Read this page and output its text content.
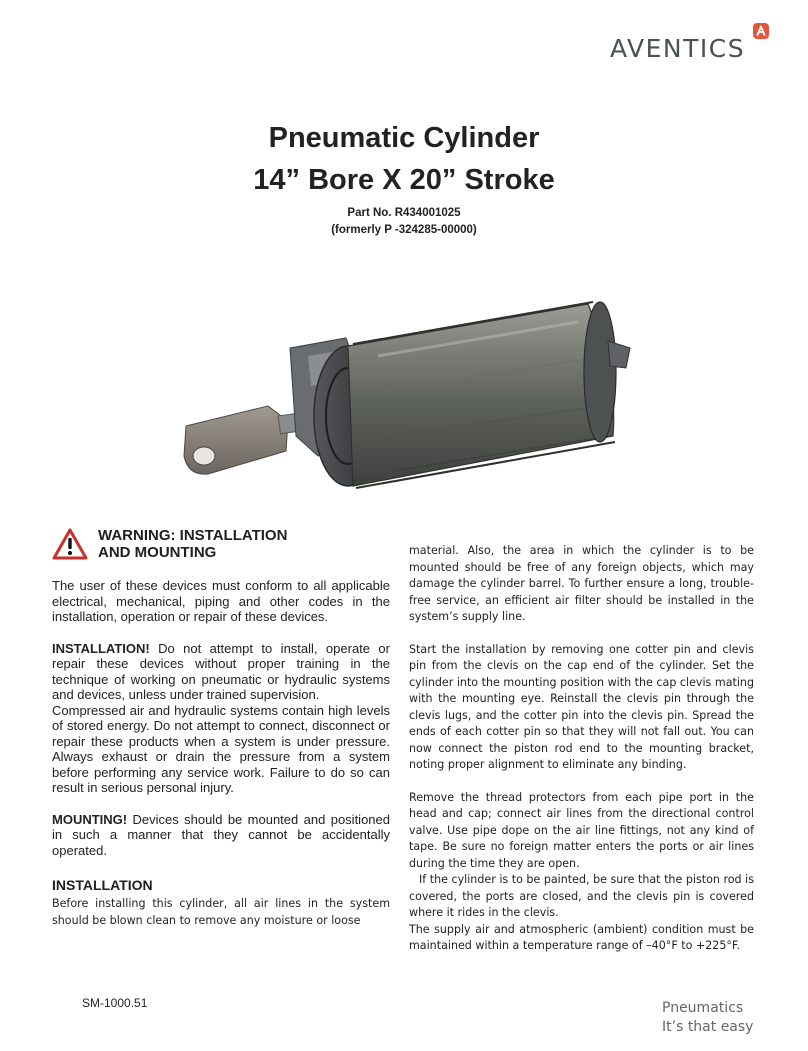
AVENTICS
Pneumatic Cylinder
14” Bore X 20” Stroke
Part No. R434001025
(formerly P -324285-00000)
WARNING: INSTALLATION
AND MOUNTING

The user of these devices must conform to all applicable electrical, mechanical, piping and other codes in the installation, operation or repair of these devices.

INSTALLATION! Do not attempt to install, operate or repair these devices without proper training in the technique of working on pneumatic or hydraulic systems and devices, unless under trained supervision.

Compressed air and hydraulic systems contain high levels of stored energy. Do not attempt to connect, disconnect or repair these products when a system is under pressure. Always exhaust or drain the pressure from a system before performing any service work. Failure to do so can result in serious personal injury.

MOUNTING! Devices should be mounted and positioned in such a manner that they cannot be accidentally operated.

INSTALLATION

Before installing this cylinder, all air lines in the system should be blown clean to remove any moisture or loose

material. Also, the area in which the cylinder is to be mounted should be free of any foreign objects, which may damage the cylinder barrel. To further ensure a long, trouble-free service, an efficient air filter should be installed in the system’s supply line.

Start the installation by removing one cotter pin and clevis pin from the clevis on the cap end of the cylinder. Set the cylinder into the mounting position with the cap clevis mating with the mounting eye. Reinstall the clevis pin through the clevis lugs, and the cotter pin into the clevis pin. Spread the ends of each cotter pin so that they will not fall out. You can now connect the piston rod end to the mounting bracket, noting proper alignment to eliminate any binding.

Remove the thread protectors from each pipe port in the head and cap; connect air lines from the directional control valve. Use pipe dope on the air line fittings, not any kind of tape. Be sure no foreign matter enters the ports or air lines during the time they are open.

If the cylinder is to be painted, be sure that the piston rod is covered, the ports are closed, and the clevis pin is covered where it rides in the clevis.

The supply air and atmospheric (ambient) condition must be maintained within a temperature range of –40°F to +225°F.

SM-1000.51	Pneumatics
It’s that easy
